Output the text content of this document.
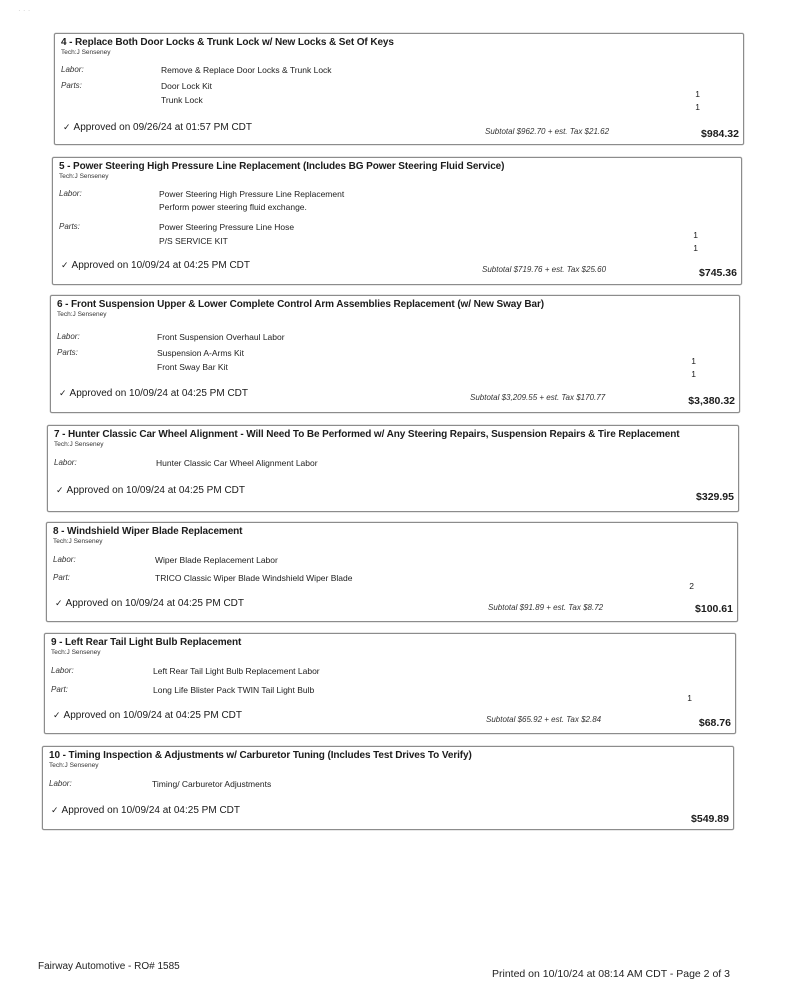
· · ·
4 - Replace Both Door Locks & Trunk Lock w/ New Locks & Set Of Keys
Tech:J Senseney
Labor:	Remove & Replace Door Locks & Trunk Lock
Parts:	Door Lock Kit
1
Trunk Lock
1
✓ Approved on 09/26/24 at 01:57 PM CDT	Subtotal $962.70 + est. Tax $21.62	$984.32
5 - Power Steering High Pressure Line Replacement (Includes BG Power Steering Fluid Service)
Tech:J Senseney
Labor:	Power Steering High Pressure Line Replacement
Perform power steering fluid exchange.
Parts:	Power Steering Pressure Line Hose
1
P/S SERVICE KIT
1
✓ Approved on 10/09/24 at 04:25 PM CDT	Subtotal $719.76 + est. Tax $25.60	$745.36
6 - Front Suspension Upper & Lower Complete Control Arm Assemblies Replacement (w/ New Sway Bar)
Tech:J Senseney
Labor:	Front Suspension Overhaul Labor
Parts:	Suspension A-Arms Kit
1
Front Sway Bar Kit
1
✓ Approved on 10/09/24 at 04:25 PM CDT	Subtotal $3,209.55 + est. Tax $170.77	$3,380.32
7 - Hunter Classic Car Wheel Alignment - Will Need To Be Performed w/ Any Steering Repairs, Suspension Repairs & Tire Replacement
Tech:J Senseney
Labor:	Hunter Classic Car Wheel Alignment Labor
✓ Approved on 10/09/24 at 04:25 PM CDT
$329.95
8 - Windshield Wiper Blade Replacement
Tech:J Senseney
Labor:	Wiper Blade Replacement Labor
Part:	TRICO Classic Wiper Blade Windshield Wiper Blade
2
✓ Approved on 10/09/24 at 04:25 PM CDT	Subtotal $91.89 + est. Tax $8.72	$100.61
9 - Left Rear Tail Light Bulb Replacement
Tech:J Senseney
Labor:	Left Rear Tail Light Bulb Replacement Labor
Part:	Long Life Blister Pack TWIN Tail Light Bulb
1
✓ Approved on 10/09/24 at 04:25 PM CDT	Subtotal $65.92 + est. Tax $2.84	$68.76
10 - Timing Inspection & Adjustments w/ Carburetor Tuning (Includes Test Drives To Verify)
Tech:J Senseney
Labor:	Timing/ Carburetor Adjustments
✓ Approved on 10/09/24 at 04:25 PM CDT
$549.89
Fairway Automotive - RO# 1585
Printed on 10/10/24 at 08:14 AM CDT - Page 2 of 3
